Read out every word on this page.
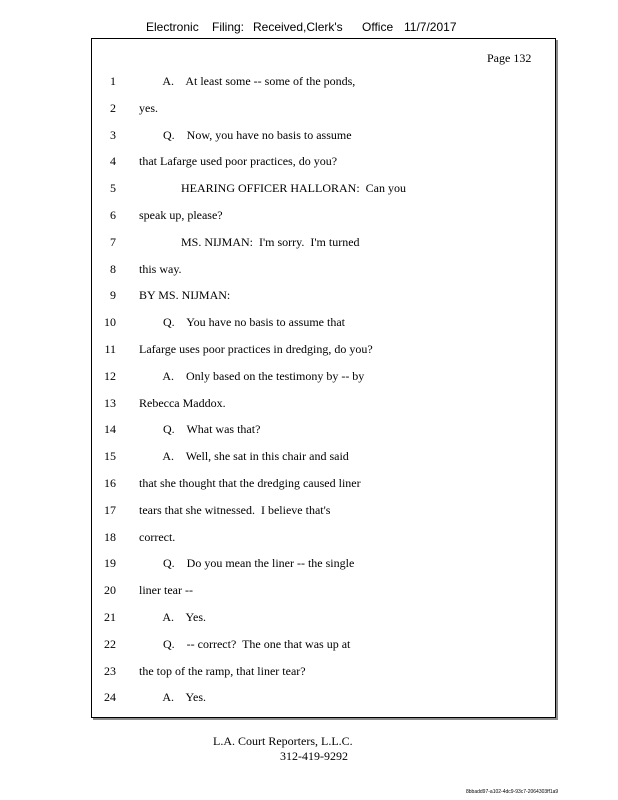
Electronic Filing: Received,Clerk's Office 11/7/2017
Page 132
1 A.    At least some -- some of the ponds,
2 yes.
3 Q.    Now, you have no basis to assume
4 that Lafarge used poor practices, do you?
5 HEARING OFFICER HALLORAN:  Can you
6 speak up, please?
7 MS. NIJMAN:  I'm sorry.  I'm turned
8 this way.
9 BY MS. NIJMAN:
10 Q.    You have no basis to assume that
11 Lafarge uses poor practices in dredging, do you?
12 A.    Only based on the testimony by -- by
13 Rebecca Maddox.
14 Q.    What was that?
15 A.    Well, she sat in this chair and said
16 that she thought that the dredging caused liner
17 tears that she witnessed.  I believe that's
18 correct.
19 Q.    Do you mean the liner -- the single
20 liner tear --
21 A.    Yes.
22 Q.    -- correct?  The one that was up at
23 the top of the ramp, that liner tear?
24 A.    Yes.
L.A. Court Reporters, L.L.C.
312-419-9292
8bbadd97-a102-4dc9-93c7-2064303ff1a9
